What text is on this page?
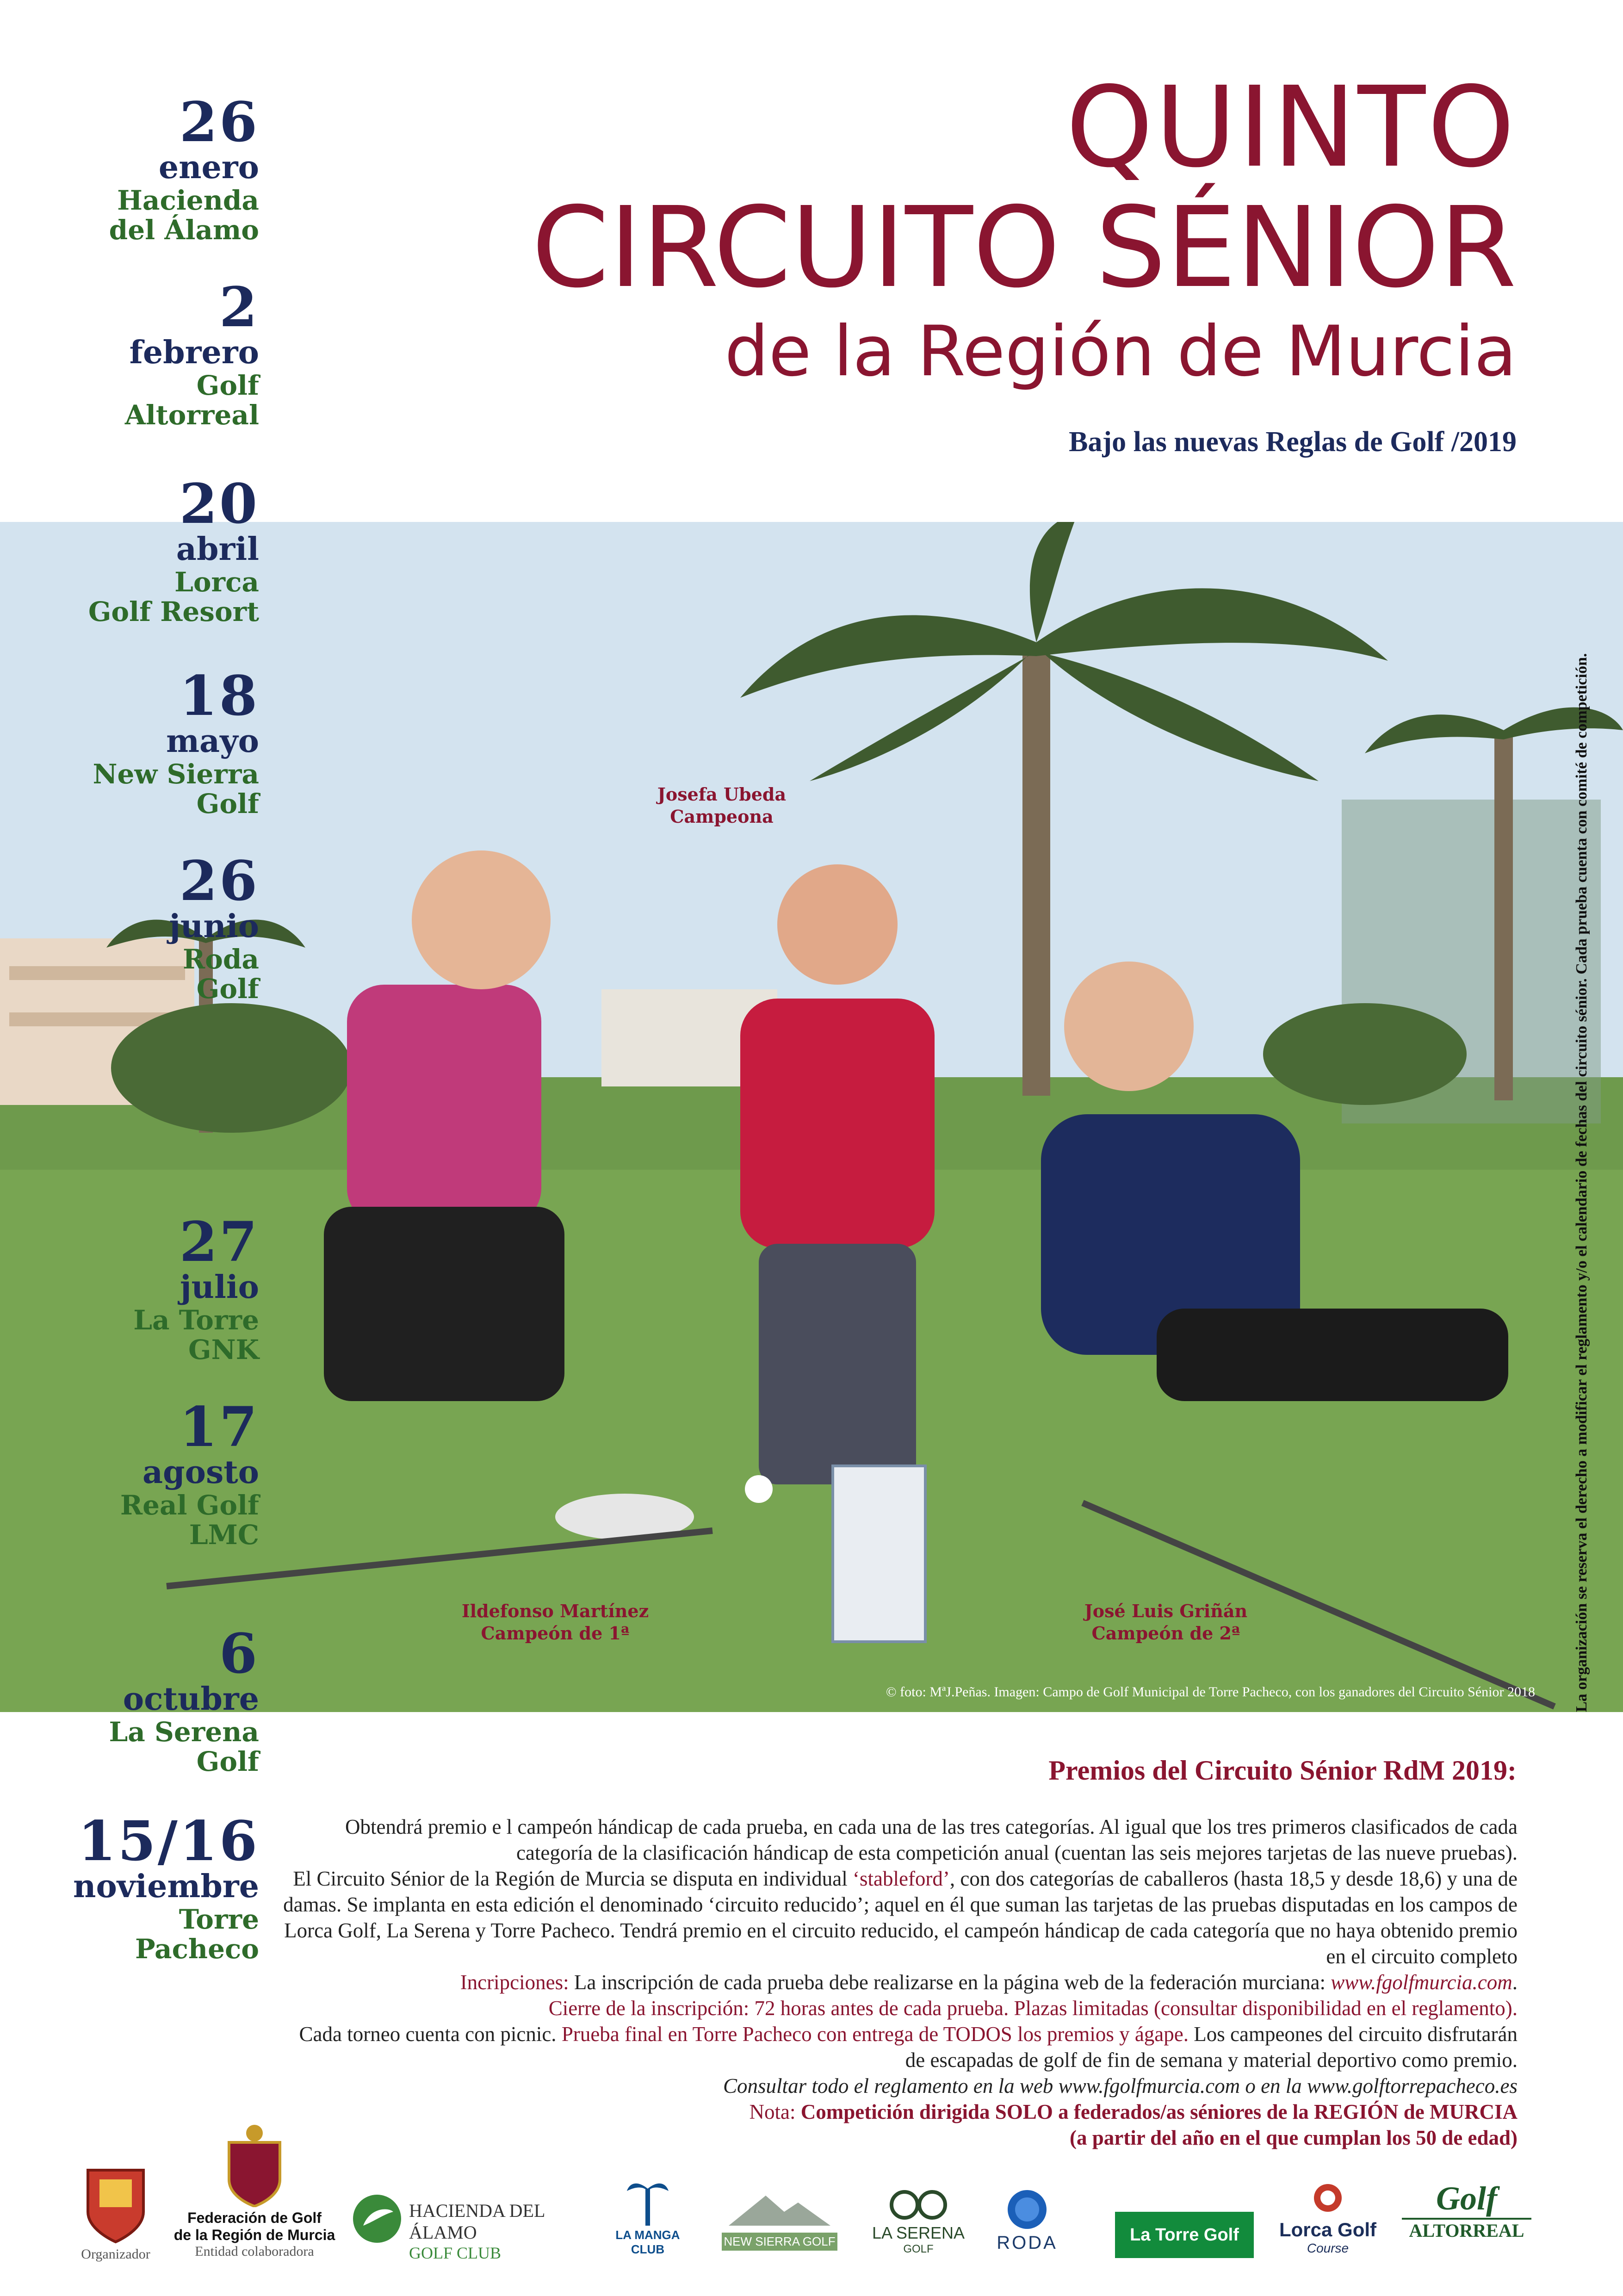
26
enero
Hacienda
del Álamo
2
febrero
Golf
Altorreal
20
abril
Lorca
Golf Resort
18
mayo
New Sierra
Golf
26
junio
Roda
Golf
27
julio
La Torre
GNK
17
agosto
Real Golf
LMC
6
octubre
La Serena
Golf
15/16
noviembre
Torre
Pacheco
QUINTO
CIRCUITO SÉNIOR
de la Región de Murcia
Bajo las nuevas Reglas de Golf /2019
Josefa Ubeda
Campeona
Ildefonso Martínez
Campeón de 1ª
José Luis Griñán
Campeón de 2ª
© foto: MªJ.Peñas. Imagen: Campo de Golf Municipal de Torre Pacheco, con los ganadores del Circuito Sénior 2018 La organización se reserva el derecho a modificar el reglamento y/o el calendario de fechas del circuito sénior. Cada prueba cuenta con comité de competición.
Premios del Circuito Sénior RdM 2019:

Obtendrá premio e l campeón hándicap de cada prueba, en cada una de las tres categorías. Al igual que los tres primeros clasificados de cada categoría de la clasificación hándicap de esta competición anual (cuentan las seis mejores tarjetas de las nueve pruebas).

El Circuito Sénior de la Región de Murcia se disputa en individual ‘stableford’, con dos categorías de caballeros (hasta 18,5 y desde 18,6) y una de damas. Se implanta en esta edición el denominado ‘circuito reducido’; aquel en él que suman las tarjetas de las pruebas disputadas en los campos de Lorca Golf, La Serena y Torre Pacheco. Tendrá premio en el circuito reducido, el campeón hándicap de cada categoría que no haya obtenido premio en el circuito completo

Incripciones: La inscripción de cada prueba debe realizarse en la página web de la federación murciana: www.fgolfmurcia.com.

Cierre de la inscripción: 72 horas antes de cada prueba. Plazas limitadas (consultar disponibilidad en el reglamento).

Cada torneo cuenta con picnic. Prueba final en Torre Pacheco con entrega de TODOS los premios y ágape. Los campeones del circuito disfrutarán de escapadas de golf de fin de semana y material deportivo como premio.

Consultar todo el reglamento en la web www.fgolfmurcia.com o en la www.golftorrepacheco.es

Nota: Competición dirigida SOLO a federados/as séniores de la REGIÓN de MURCIA

(a partir del año en el que cumplan los 50 de edad)

Organizador
Federación de Golf
de la Región de Murcia
Entidad colaboradora
HACIENDA DEL ÁLAMO
GOLF CLUB
LA MANGA CLUB
NEW SIERRA GOLF LA SERENA
GOLF	RODA	La Torre Golf	Lorca Golf
Course
Golf
ALTORREAL
